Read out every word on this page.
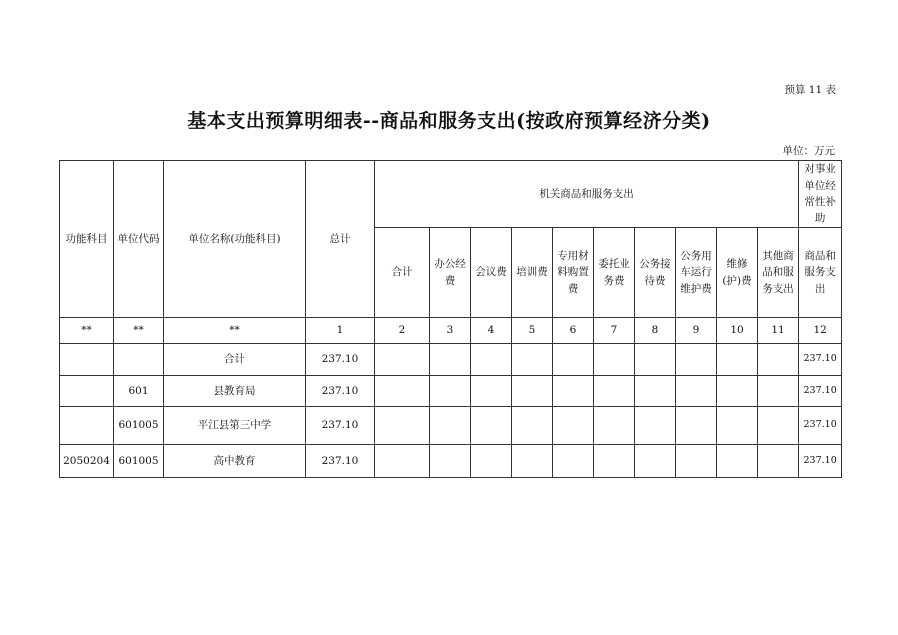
预算 11 表
基本支出预算明细表--商品和服务支出(按政府预算经济分类)
单位：万元
功能科目	单位代码	单位名称(功能科目)	总计	机关商品和服务支出										对事业单位经常性补助
				合计	办公经费	会议费	培训费	专用材料购置费	委托业务费	公务接待费	公务用车运行维护费	维修(护)费	其他商品和服务支出	商品和服务支出
**	**	**	1	2	3	4	5	6	7	8	9	10	11	12
		合计	237.10											237.10
	601	县教育局	237.10											237.10
	601005	平江县第三中学	237.10											237.10
2050204	601005	高中教育	237.10											237.10
